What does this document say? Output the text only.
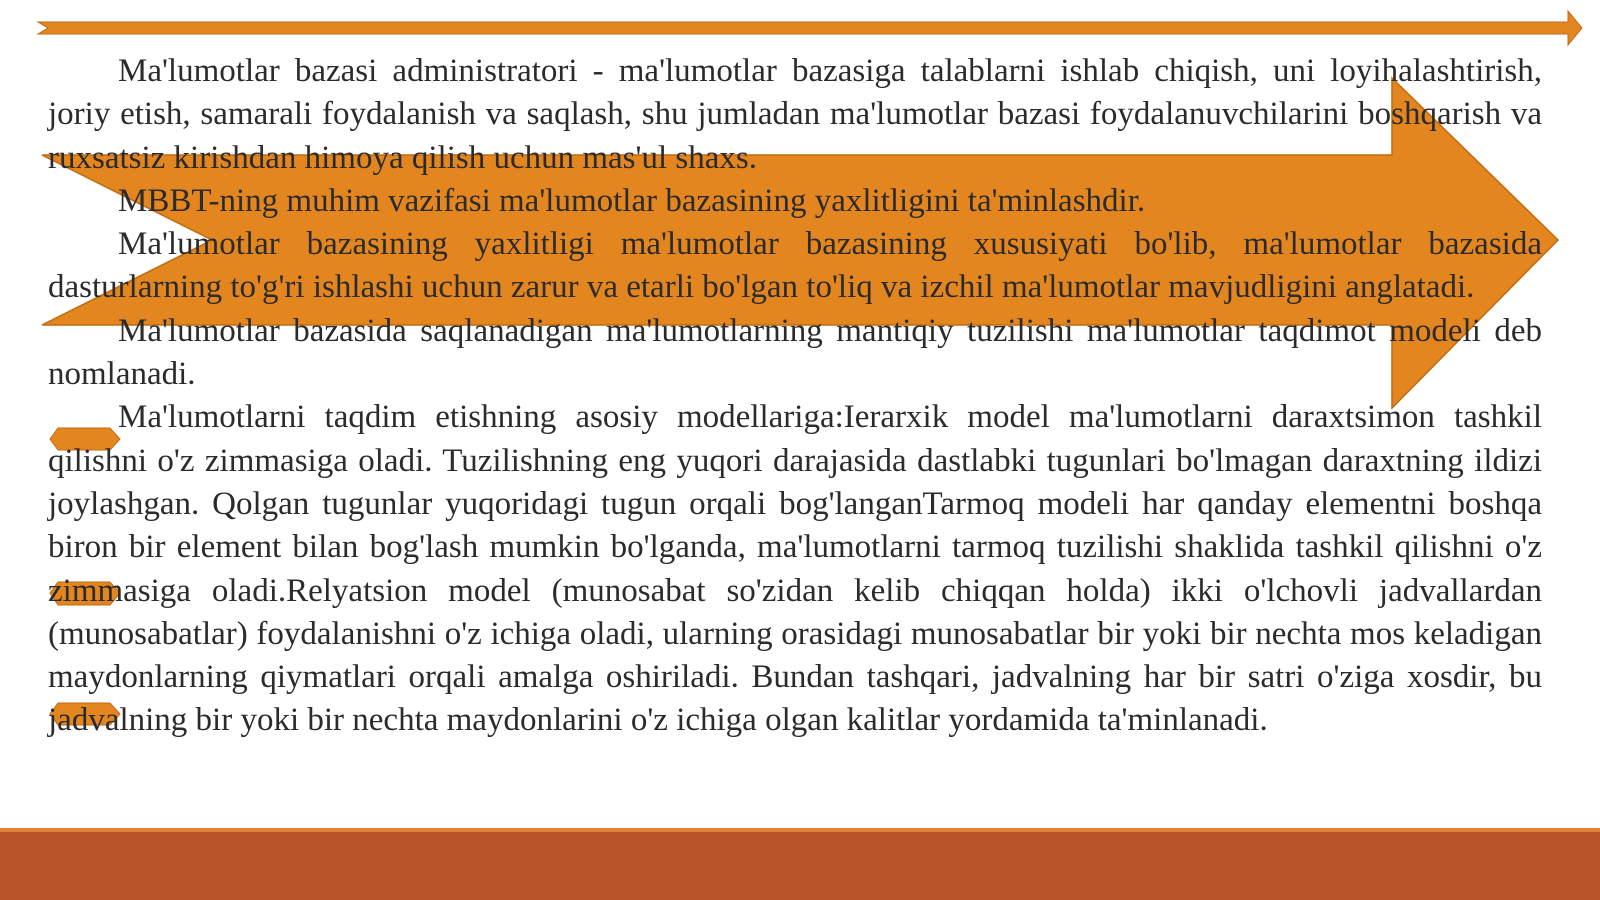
Ma'lumotlar bazasi administratori - ma'lumotlar bazasiga talablarni ishlab chiqish, uni loyihalashtirish, joriy etish, samarali foydalanish va saqlash, shu jumladan ma'lumotlar bazasi foydalanuvchilarini boshqarish va ruxsatsiz kirishdan himoya qilish uchun mas'ul shaxs.

MBBT-ning muhim vazifasi ma'lumotlar bazasining yaxlitligini ta'minlashdir.

Ma'lumotlar bazasining yaxlitligi ma'lumotlar bazasining xususiyati bo'lib, ma'lumotlar bazasida dasturlarning to'g'ri ishlashi uchun zarur va etarli bo'lgan to'liq va izchil ma'lumotlar mavjudligini anglatadi.

Ma'lumotlar bazasida saqlanadigan ma'lumotlarning mantiqiy tuzilishi ma'lumotlar taqdimot modeli deb nomlanadi.

Ma'lumotlarni taqdim etishning asosiy modellariga:Ierarxik model ma'lumotlarni daraxtsimon tashkil qilishni o'z zimmasiga oladi. Tuzilishning eng yuqori darajasida dastlabki tugunlari bo'lmagan daraxtning ildizi joylashgan. Qolgan tugunlar yuqoridagi tugun orqali bog'langanTarmoq modeli har qanday elementni boshqa biron bir element bilan bog'lash mumkin bo'lganda, ma'lumotlarni tarmoq tuzilishi shaklida tashkil qilishni o'z zimmasiga oladi.Relyatsion model (munosabat so'zidan kelib chiqqan holda) ikki o'lchovli jadvallardan (munosabatlar) foydalanishni o'z ichiga oladi, ularning orasidagi munosabatlar bir yoki bir nechta mos keladigan maydonlarning qiymatlari orqali amalga oshiriladi. Bundan tashqari, jadvalning har bir satri o'ziga xosdir, bu jadvalning bir yoki bir nechta maydonlarini o'z ichiga olgan kalitlar yordamida ta'minlanadi.
